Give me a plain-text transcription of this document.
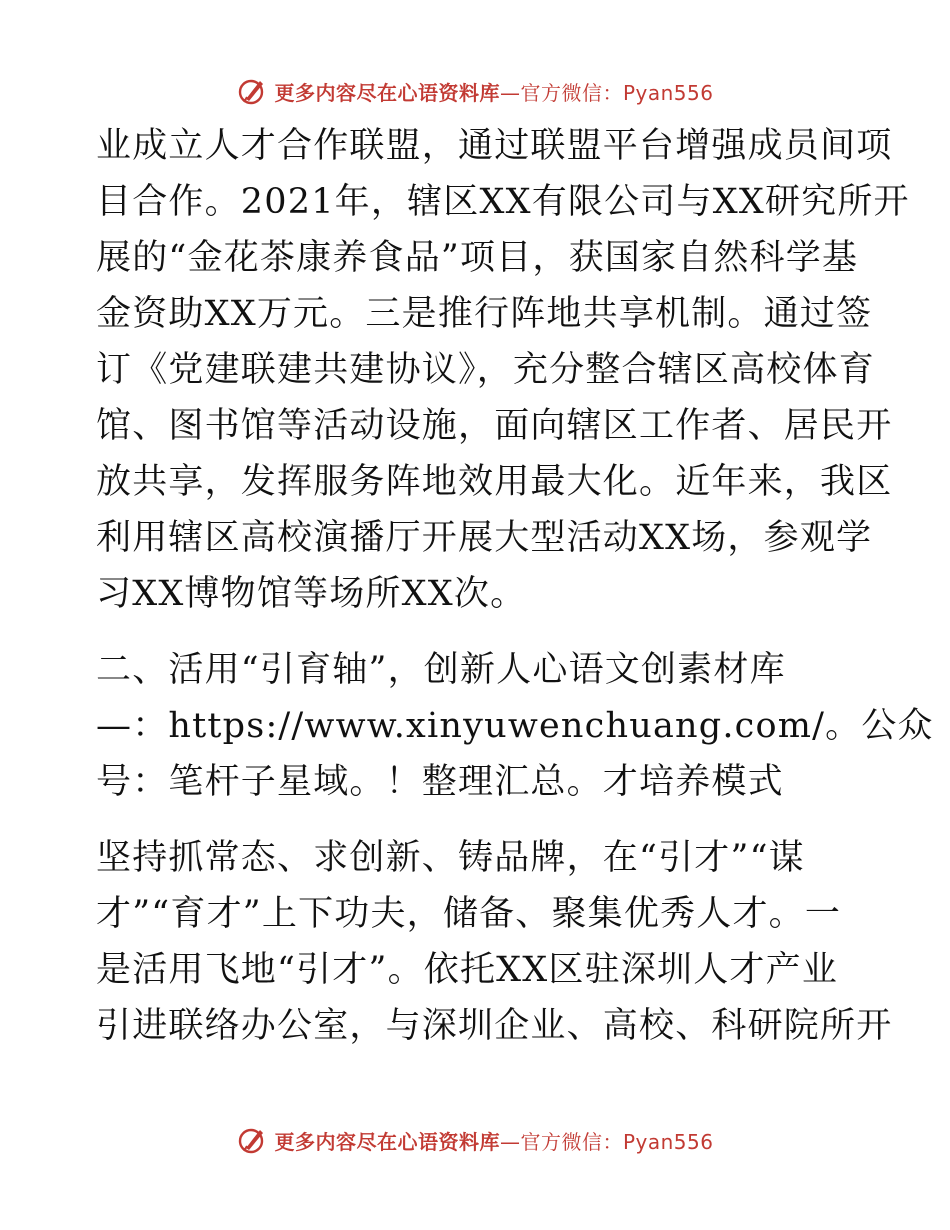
更多内容尽在心语资料库—官方微信：Pyan556
业成立人才合作联盟，通过联盟平台增强成员间项
目合作。2021年，辖区XX有限公司与XX研究所开
展的“金花茶康养食品”项目，获国家自然科学基
金资助XX万元。三是推行阵地共享机制。通过签
订《党建联建共建协议》，充分整合辖区高校体育
馆、图书馆等活动设施，面向辖区工作者、居民开
放共享，发挥服务阵地效用最大化。近年来，我区
利用辖区高校演播厅开展大型活动XX场，参观学
习XX博物馆等场所XX次。
二、活用“引育轴”，创新人心语文创素材库
—：https://www.xinyuwenchuang.com/。公众
号：笔杆子星域。！整理汇总。才培养模式
坚持抓常态、求创新、铸品牌，在“引才”“谋
才”“育才”上下功夫，储备、聚集优秀人才。一
是活用飞地“引才”。依托XX区驻深圳人才产业
引进联络办公室，与深圳企业、高校、科研院所开
更多内容尽在心语资料库—官方微信：Pyan556
